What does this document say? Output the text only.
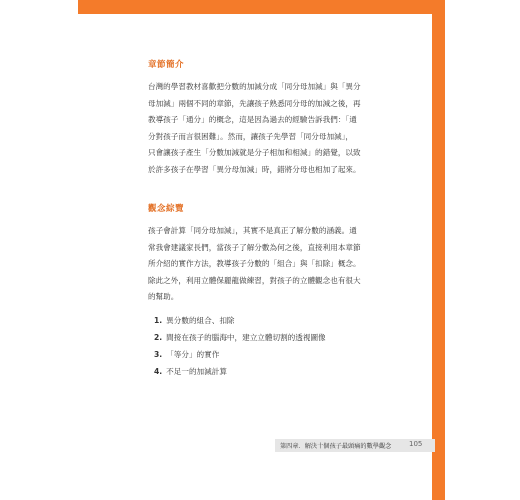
章節簡介

台灣的學習教材喜歡把分數的加減分成「同分母加減」與「異分
母加減」兩個不同的章節，先讓孩子熟悉同分母的加減之後，再
教導孩子「通分」的概念，這是因為過去的經驗告訴我們：「通
分對孩子而言很困難」。然而，讓孩子先學習「同分母加減」，
只會讓孩子產生「分數加減就是分子相加和相減」的錯覺，以致
於許多孩子在學習「異分母加減」時，錯將分母也相加了起來。

觀念綜覽

孩子會計算「同分母加減」，其實不是真正了解分數的涵義。通
常我會建議家長們，當孩子了解分數為何之後，直接利用本章節
所介紹的實作方法，教導孩子分數的「組合」與「扣除」概念。
除此之外，利用立體保麗龍做練習，對孩子的立體觀念也有很大
的幫助。

1. 異分數的組合、扣除
2. 間接在孩子的腦海中，建立立體切割的透視圖像
3. 「等分」的實作
4. 不足一的加減計算
第四章．解決十個孩子最頭痛的數學觀念	105
